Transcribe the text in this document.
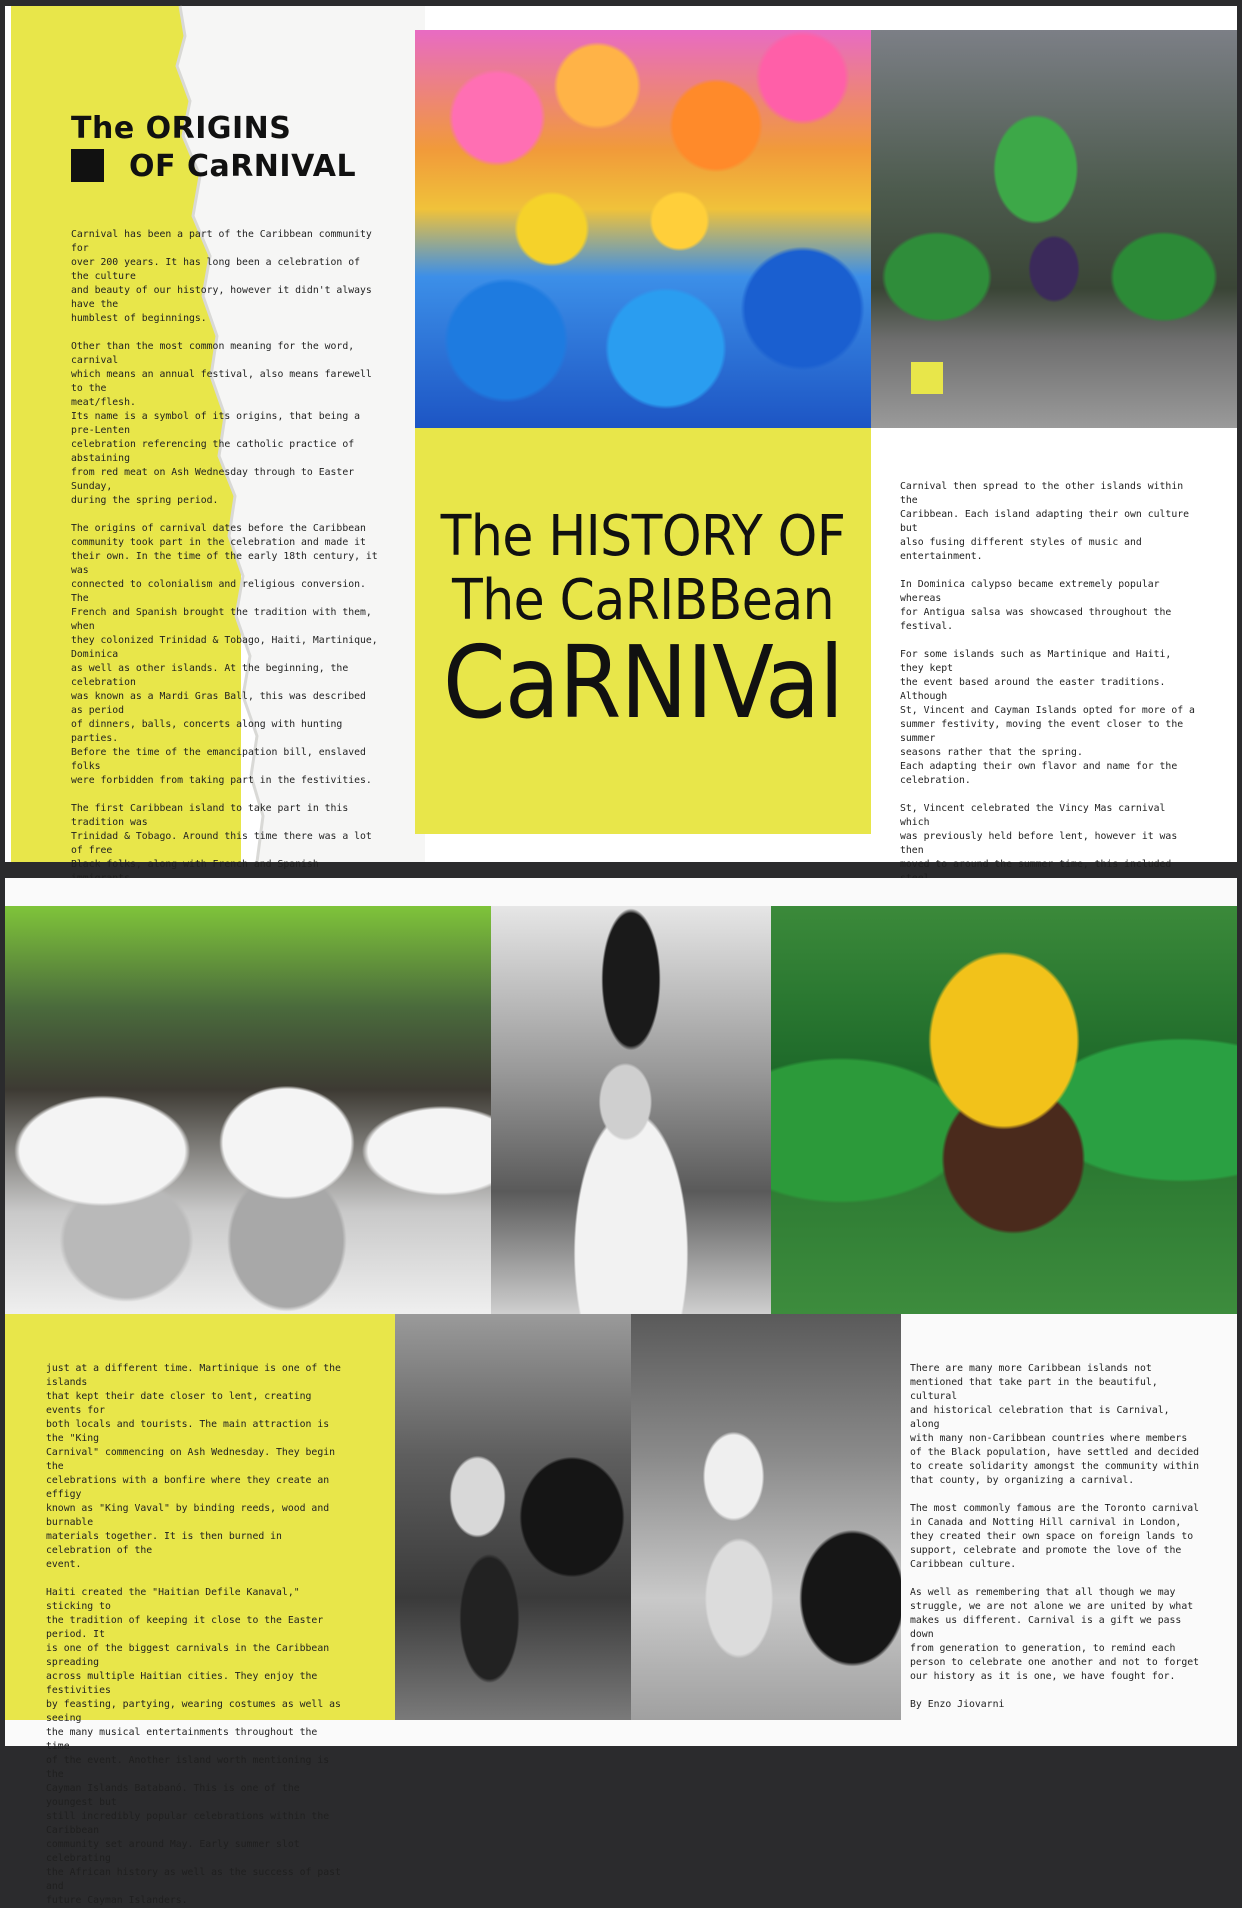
The ORIGINS
OF CaRNIVAL

Carnival has been a part of the Caribbean community for
over 200 years. It has long been a celebration of the culture
and beauty of our history, however it didn't always have the
humblest of beginnings.

Other than the most common meaning for the word, carnival
which means an annual festival, also means farewell to the
meat/flesh.
Its name is a symbol of its origins, that being a pre-Lenten
celebration referencing the catholic practice of abstaining
from red meat on Ash Wednesday through to Easter Sunday,
during the spring period.

The origins of carnival dates before the Caribbean
community took part in the celebration and made it
their own. In the time of the early 18th century, it was
connected to colonialism and religious conversion. The
French and Spanish brought the tradition with them, when
they colonized Trinidad & Tobago, Haiti, Martinique, Dominica
as well as other islands. At the beginning, the celebration
was known as a Mardi Gras Ball, this was described as period
of dinners, balls, concerts along with hunting parties.
Before the time of the emancipation bill, enslaved folks
were forbidden from taking part in the festivities.

The first Caribbean island to take part in this tradition was
Trinidad & Tobago. Around this time there was a lot of free
Black folks, along with French and Spanish

The HISTORY OF
The CaRIBBean
CaRNIVal

Carnival then spread to the other islands within the
Caribbean. Each island adapting their own culture but
also fusing different styles of music and entertainment.

In Dominica calypso became extremely popular whereas
for Antigua salsa was showcased throughout the festival.

For some islands such as Martinique and Haiti, they kept
the event based around the easter traditions. Although
St, Vincent and Cayman Islands opted for more of a
summer festivity, moving the event closer to the summer
seasons rather that the spring.
Each adapting their own flavor and name for the
celebration.

St, Vincent celebrated the Vincy Mas carnival which
was previously held before lent, however it was then
moved to around the summer time, this included

just at a different time. Martinique is one of the islands
that kept their date closer to lent, creating events for
both locals and tourists. The main attraction is the "King
Carnival" commencing on Ash Wednesday. They begin the
celebrations with a bonfire where they create an effigy
known as "King Vaval" by binding reeds, wood and burnable
materials together. It is then burned in celebration of the
event.

Haiti created the "Haitian Defile Kanaval," sticking to
the tradition of keeping it close to the Easter period. It
is one of the biggest carnivals in the Caribbean spreading
across multiple Haitian cities. They enjoy the festivities
by feasting, partying, wearing costumes as well as seeing
the many musical entertainments throughout the time
of the event. Another island worth mentioning is the
Cayman Islands Batabanó. This is one of the youngest but
still incredibly popular celebrations within the Caribbean
community set around May. Early summer slot celebrating
the African history as well as the success of past and
future Cayman Islanders.

There are many more Caribbean islands not
mentioned that take part in the beautiful, cultural
and historical celebration that is Carnival, along
with many non-Caribbean countries where members
of the Black population, have settled and decided
to create solidarity amongst the community within
that county, by organizing a carnival.

The most commonly famous are the Toronto carnival
in Canada and Notting Hill carnival in London,
they created their own space on foreign lands to
support, celebrate and promote the love of the
Caribbean culture.

As well as remembering that all though we may
struggle, we are not alone we are united by what
makes us different. Carnival is a gift we pass down
from generation to generation, to remind each
person to celebrate one another and not to forget
our history as it is one, we have fought for.

By Enzo Jiovarni
